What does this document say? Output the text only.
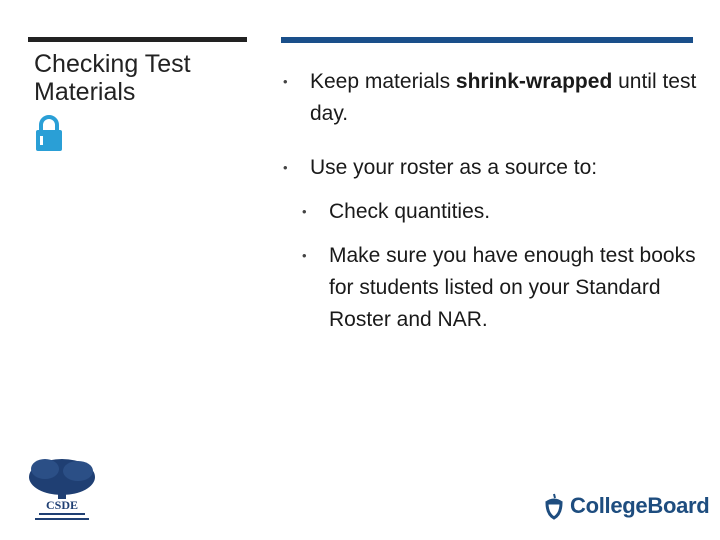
Checking Test
Materials	• Keep materials shrink-wrapped until test day.
• Use your roster as a source to:
• Check quantities.
• Make sure you have enough test books for students listed on your Standard Roster and NAR.
CSDE	CollegeBoard
